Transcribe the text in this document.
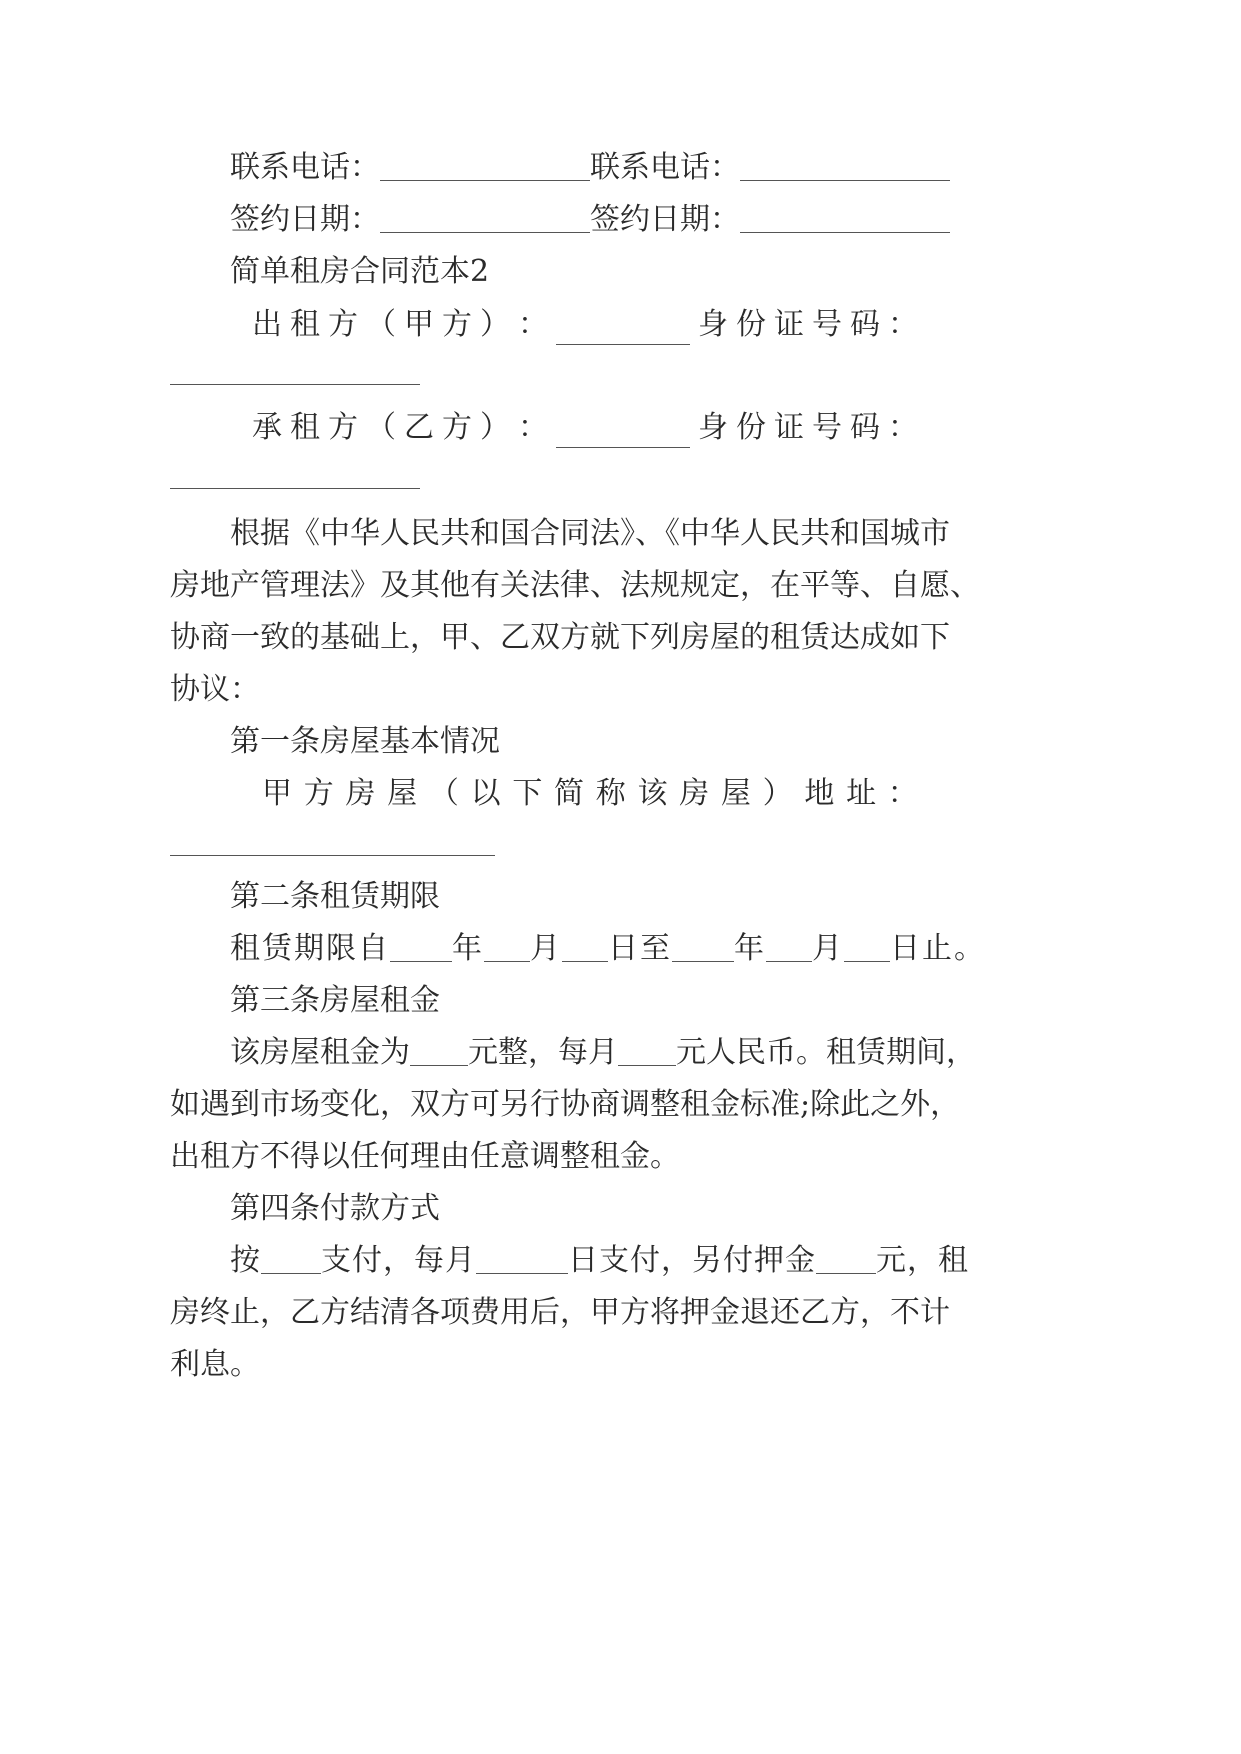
联系电话：	联系电话：
签约日期：	签约日期：
简单租房合同范本2
出 租 方 （ 甲 方 ） ：	身 份 证 号 码 ：
承 租 方 （ 乙 方 ） ：	身 份 证 号 码 ：
根据《中华人民共和国合同法》、《中华人民共和国城市
房地产管理法》及其他有关法律、法规规定，在平等、自愿、
协商一致的基础上，甲、乙双方就下列房屋的租赁达成如下
协议：
第一条房屋基本情况
甲 方 房 屋 （ 以 下 简 称 该 房 屋 ） 地 址 ：
第二条租赁期限
租赁期限自 年 月 日至 年 月 日止。
第三条房屋租金
该房屋租金为 元整，每月 元人民币。租赁期间，
如遇到市场变化，双方可另行协商调整租金标准;除此之外，
出租方不得以任何理由任意调整租金。
第四条付款方式
按 支付，每月	日支付，另付押金 元，租
房终止，乙方结清各项费用后，甲方将押金退还乙方，不计
利息。
